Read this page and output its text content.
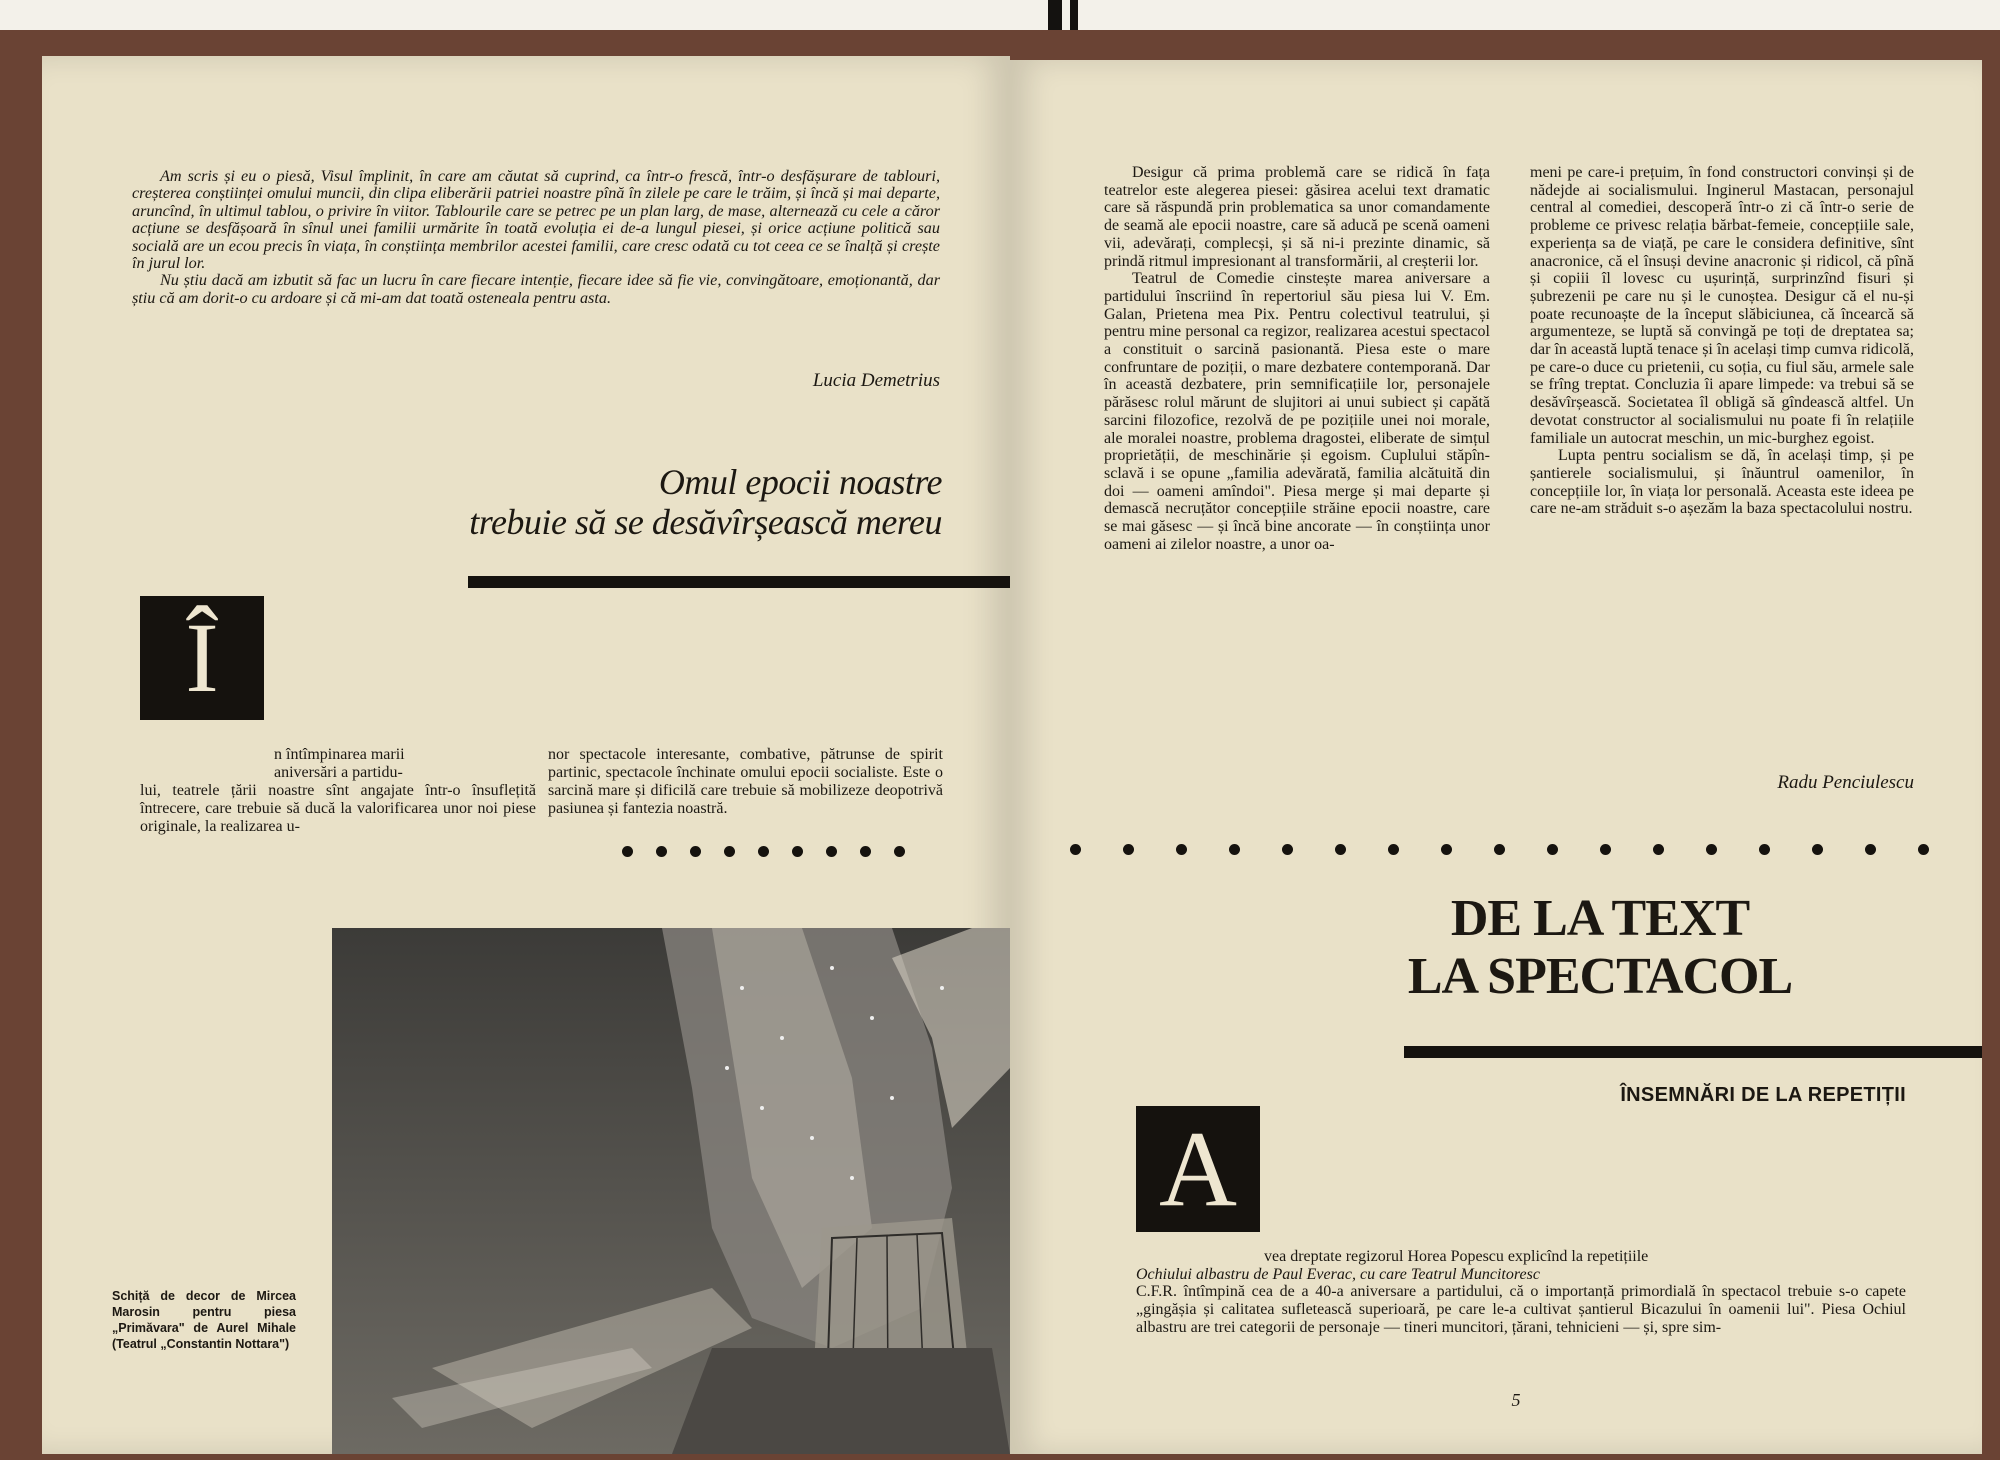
Am scris și eu o piesă, Visul împlinit, în care am căutat să cuprind, ca într-o frescă, într-o desfășurare de tablouri, creșterea conștiinței omului muncii, din clipa eliberării patriei noastre pînă în zilele pe care le trăim, și încă și mai departe, aruncînd, în ultimul tablou, o privire în viitor. Tablourile care se petrec pe un plan larg, de mase, alternează cu cele a căror acțiune se desfășoară în sînul unei familii urmărite în toată evoluția ei de-a lungul piesei, și orice acțiune politică sau socială are un ecou precis în viața, în conștiința membrilor acestei familii, care cresc odată cu tot ceea ce se înalță și crește în jurul lor.

Nu știu dacă am izbutit să fac un lucru în care fiecare intenție, fiecare idee să fie vie, convingătoare, emoționantă, dar știu că am dorit-o cu ardoare și că mi-am dat toată osteneala pentru asta.

Lucia Demetrius
Omul epocii noastre
trebuie să se desăvîrșească mereu
Î
n întîmpinarea marii
aniversări a partidu-
lui, teatrele țării noastre sînt angajate într-o însuflețită întrecere, care trebuie să ducă la valorificarea unor noi piese originale, la realizarea u-
nor spectacole interesante, combative, pătrunse de spirit partinic, spectacole închinate omului epocii socialiste. Este o sarcină mare și dificilă care trebuie să mobilizeze deopotrivă pasiunea și fantezia noastră.
Schiță de decor de Mircea Marosin pentru piesa „Primăvara" de Aurel Mihale (Teatrul „Constantin Nottara")

Desigur că prima problemă care se ridică în fața teatrelor este alegerea piesei: găsirea acelui text dramatic care să răspundă prin problematica sa unor comandamente de seamă ale epocii noastre, care să aducă pe scenă oameni vii, adevărați, complecși, și să ni-i prezinte dinamic, să prindă ritmul impresionant al transformării, al creșterii lor.

Teatrul de Comedie cinstește marea aniversare a partidului înscriind în repertoriul său piesa lui V. Em. Galan, Prietena mea Pix. Pentru colectivul teatrului, și pentru mine personal ca regizor, realizarea acestui spectacol a constituit o sarcină pasionantă. Piesa este o mare confruntare de poziții, o mare dezbatere contemporană. Dar în această dezbatere, prin semnificațiile lor, personajele părăsesc rolul mărunt de slujitori ai unui subiect și capătă sarcini filozofice, rezolvă de pe pozițiile unei noi morale, ale moralei noastre, problema dragostei, eliberate de simțul proprietății, de meschinărie și egoism. Cuplului stăpîn-sclavă i se opune „familia adevărată, familia alcătuită din doi — oameni amîndoi". Piesa merge și mai departe și demască necruțător concepțiile străine epocii noastre, care se mai găsesc — și încă bine ancorate — în conștiința unor oameni ai zilelor noastre, a unor oa-

meni pe care-i prețuim, în fond constructori convinși și de nădejde ai socialismului. Inginerul Mastacan, personajul central al comediei, descoperă într-o zi că într-o serie de probleme ce privesc relația bărbat-femeie, concepțiile sale, experiența sa de viață, pe care le considera definitive, sînt anacronice, că el însuși devine anacronic și ridicol, că pînă și copiii îl lovesc cu ușurință, surprinzînd fisuri și șubrezenii pe care nu și le cunoștea. Desigur că el nu-și poate recunoaște de la început slăbiciunea, că încearcă să argumenteze, se luptă să convingă pe toți de dreptatea sa; dar în această luptă tenace și în același timp cumva ridicolă, pe care-o duce cu prietenii, cu soția, cu fiul său, armele sale se frîng treptat. Concluzia îi apare limpede: va trebui să se desăvîrșească. Societatea îl obligă să gîndească altfel. Un devotat constructor al socialismului nu poate fi în relațiile familiale un autocrat meschin, un mic-burghez egoist.

Lupta pentru socialism se dă, în același timp, și pe șantierele socialismului, și înăuntrul oamenilor, în concepțiile lor, în viața lor personală. Aceasta este ideea pe care ne-am străduit s-o așezăm la baza spectacolului nostru.

Radu Penciulescu
DE LA TEXT
LA SPECTACOL
ÎNSEMNĂRI DE LA REPETIȚII
A
vea dreptate regizorul Horea Popescu explicînd la repetițiile
Ochiului albastru de Paul Everac, cu care Teatrul Muncitoresc
C.F.R. întîmpină cea de a 40-a aniversare a partidului, că o importanță primordială în spectacol trebuie s-o capete „gingășia și calitatea sufletească superioară, pe care le-a cultivat șantierul Bicazului în oamenii lui". Piesa Ochiul albastru are trei categorii de personaje — tineri muncitori, țărani, tehnicieni — și, spre sim-
5
